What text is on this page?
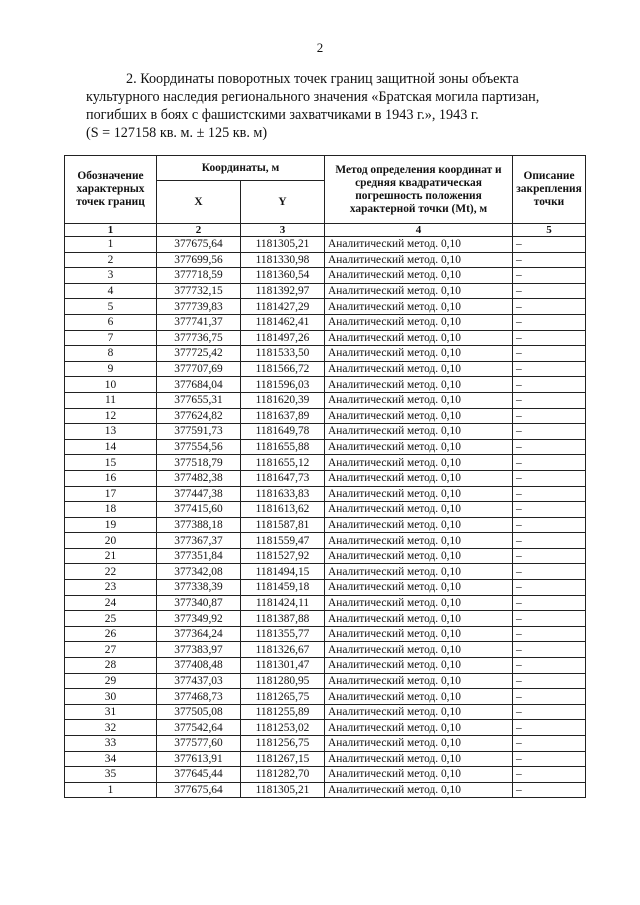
2

2. Координаты поворотных точек границ защитной зоны объекта

культурного наследия регионального значения «Братская могила партизан,

погибших в боях с фашистскими захватчиками в 1943 г.», 1943 г.

(S = 127158 кв. м. ± 125 кв. м)

Обозначение характерных точек границ	Координаты, м		Метод определения координат и средняя квадратическая погрешность положения характерной точки (Мt), м	Описание закрепления точки
	X	Y		
1	2	3	4	5
1	377675,64	1181305,21	Аналитический метод. 0,10	–
2	377699,56	1181330,98	Аналитический метод. 0,10	–
3	377718,59	1181360,54	Аналитический метод. 0,10	–
4	377732,15	1181392,97	Аналитический метод. 0,10	–
5	377739,83	1181427,29	Аналитический метод. 0,10	–
6	377741,37	1181462,41	Аналитический метод. 0,10	–
7	377736,75	1181497,26	Аналитический метод. 0,10	–
8	377725,42	1181533,50	Аналитический метод. 0,10	–
9	377707,69	1181566,72	Аналитический метод. 0,10	–
10	377684,04	1181596,03	Аналитический метод. 0,10	–
11	377655,31	1181620,39	Аналитический метод. 0,10	–
12	377624,82	1181637,89	Аналитический метод. 0,10	–
13	377591,73	1181649,78	Аналитический метод. 0,10	–
14	377554,56	1181655,88	Аналитический метод. 0,10	–
15	377518,79	1181655,12	Аналитический метод. 0,10	–
16	377482,38	1181647,73	Аналитический метод. 0,10	–
17	377447,38	1181633,83	Аналитический метод. 0,10	–
18	377415,60	1181613,62	Аналитический метод. 0,10	–
19	377388,18	1181587,81	Аналитический метод. 0,10	–
20	377367,37	1181559,47	Аналитический метод. 0,10	–
21	377351,84	1181527,92	Аналитический метод. 0,10	–
22	377342,08	1181494,15	Аналитический метод. 0,10	–
23	377338,39	1181459,18	Аналитический метод. 0,10	–
24	377340,87	1181424,11	Аналитический метод. 0,10	–
25	377349,92	1181387,88	Аналитический метод. 0,10	–
26	377364,24	1181355,77	Аналитический метод. 0,10	–
27	377383,97	1181326,67	Аналитический метод. 0,10	–
28	377408,48	1181301,47	Аналитический метод. 0,10	–
29	377437,03	1181280,95	Аналитический метод. 0,10	–
30	377468,73	1181265,75	Аналитический метод. 0,10	–
31	377505,08	1181255,89	Аналитический метод. 0,10	–
32	377542,64	1181253,02	Аналитический метод. 0,10	–
33	377577,60	1181256,75	Аналитический метод. 0,10	–
34	377613,91	1181267,15	Аналитический метод. 0,10	–
35	377645,44	1181282,70	Аналитический метод. 0,10	–
1	377675,64	1181305,21	Аналитический метод. 0,10	–
